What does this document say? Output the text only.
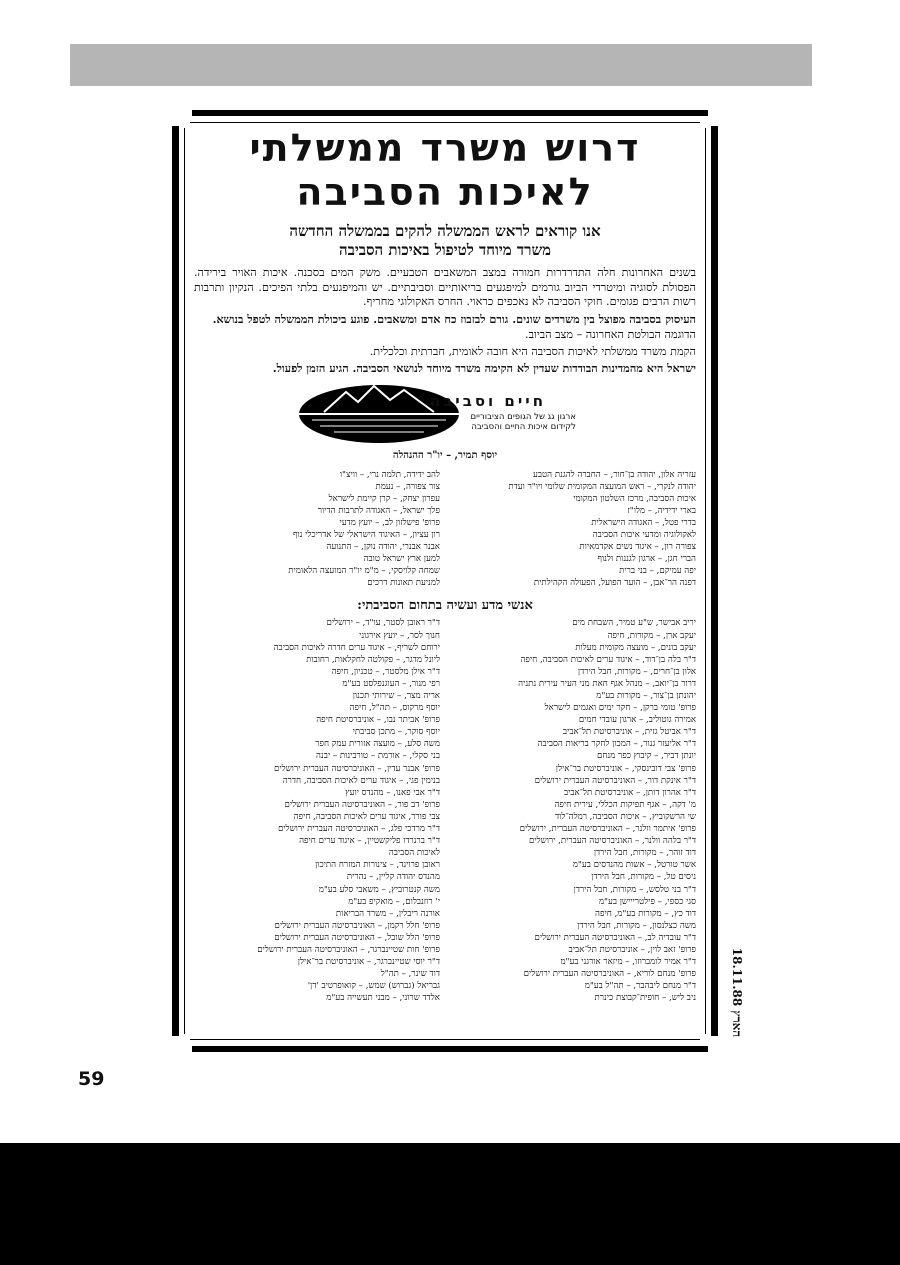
דרוש משרד ממשלתי
לאיכות הסביבה
אנו קוראים לראש הממשלה להקים בממשלה החדשה
משרד מיוחד לטיפול באיכות הסביבה

בשנים האחרונות חלה התדרדרות חמורה במצב המשאבים הטבעיים. משק המים בסכנה. איכות האויר בירידה. הפסולת לסוגיה ומיטרדי הביוב גורמים למיפגעים בריאותיים וסביבתיים. יש והמיפגעים בלתי הפיכים. הנקיון ותרבות רשות הרבים פגומים. חוקי הסביבה לא נאכפים כראוי. החרס האקולוגי מחריף.

העיסוק בסביבה מפוצל בין משרדים שונים. גורם לבזבוז כח אדם ומשאבים. פוגע ביכולת הממשלה לטפל בנושא.

הדוגמה הבולטת האחרונה – מצב הביוב.

הקמת משרד ממשלתי לאיכות הסביבה היא חובה לאומית, חברתית וכלכלית.

ישראל היא מהמדינות הבודדות שעדין לא הקימה משרד מיוחד לנושאי הסביבה. הגיע הזמן לפעול.

חיים וסביבה
ארגון גג של הגופים הציבוריים
לקידום איכות החיים והסביבה
יוסף תמיר, – יו"ר ההנהלה
עזריה אלון, יהודה בן־חור, – החברה להגנת הטבע
יהודה לנקרי, – ראש המועצה המקומית שלומי ויו"ר ועדת
איכות הסביבה, מרכז השלטון המקומי
בארי ידידיה, – מלו"ז
בדרי פטל, – האגודה הישראלית
לאקולוגיה ומדעי איכות הסביבה
צפורה רון, – איגוד נשים אקדמאיות
הברי חגן, – ארגון לגננות ולנוף
יפה עמיקם, – בני ברית
דפנה הר־אבן, – הועד הפועל, הפעולה הקהילתית
להב ידידה, תלמה נרי, – וויצ"ו
צור צפורה, – נעמת
עפרון יצחק, – קרן קיימת לישראל
פלך ישראל, – האגודה לתרבות הדיור
פרופ' פישלזון לב, – יועץ מדעי
רון עציון, – האיגוד הישראלי של אדריכלי נוף
אבנר אבנרי, יהודה נוקן, – התנועה
למען ארץ ישראל טובה
שמחה קלויסקי, – מ"מ יו"ר המועצה הלאומית
למניעת תאונות דרכים
אנשי מדע ועשיה בתחום הסביבתי:
יריב אבישר, ש"ע טמיר, השבחת מים
יעקב ארן, – מקורות, חיפה
יעקב בונים, – מועצה מקומית מעלות
ד"ר בלה בן־דוד, – איגוד ערים לאיכות הסביבה, חיפה
אלון בן־חרים, – מקורות, חבל הירדן
דרור בן־יואב, – מנהל אגף חאת מני העיר עירית נתניה
יהונתן בן־צור, – מקורות בע"מ
פרופ' טומי ברקן, – חקר ימים ואגמים לישראל
אמירה גוטוליב, – ארגון עובדי חמים
ד"ר אביטל גזית, – אוניברסיטת תל־אביב
ד"ר אליעזר גנור, – המכון לחקר בריאות הסביבה
יונתן דביר, – קיבוץ כפר מנחם
פרופ' צבי דובינסקי, – אוניברסיטת בר־אילן
ד"ר אינקת דור, – האוניברסיטה העברית ירושלים
ד"ר אהרון דותן, – אוניברסיטת תל־אביב
מ' דקה, – אגף תפיקות הכללי, עירית חיפה
שי הרשקוביץ, – איכות הסביבה, רמלה־לוד
פרופ' איתמר וולנר, – האוניברסיטה העברית, ירושלים
ד"ר בלהה וולנר, – האוניברסיטה העברית, ירושלים
דוד זוהר, – מקורות, חבל הירדן
אשר טורטל, – אשות מהנדסים בע"מ
ניסים טל, – מקורות, חבל הירדן
ד"ר בני טלסש, – מקורות, חבל הירדן
סגי כספי, – פילטרייישן בע"מ
דוד כץ, – מקורות בע"מ, חיפה
משה כצלנסון, – מקורות, חבל הירדן
ד"ר עובדיה לב, – האוניברסיטה העברית ירושלים
פרופ' זאב לוין, – אוניברסיטת תל־אביב
ד"ר אמיר לומברוזו, – מיזאר אורגני בע"מ
פרופ' מנחם לוריא, – האוניברסיטה העברית ירושלים
ד"ר מנחם ליבהבר, – תה"ל בע"מ
ניב ליש, – חופית־קבוצת כינרת
ד"ר ראובן לסטר, עו"ד, – ירושלים
חנוך לסר, – יועץ אירגוני
ירוחם לשריף, – איגוד ערים חדרה לאיכות הסביבה
ליונל מדגר, – פקולטה לחקלאות, רחובות
ד"ר אילן מלסטר, – טכניון, חיפה
רפי מנור, – העוגנפלסט בע"מ
אריה מצר, – שירותי תכנון
יוסף מרקוס, – תה"ל, חיפה
פרופ' אביתר נבו, – אוניברסיטת חיפה
יוסף סוקר, – מתכן סביבתי
משה סלע, – מועצה אזורית עמק חפר
בני סקלי, – אורמת – טורבינות – יבנה
פרופ' אבנר עדין, – האוניברסיטה העברית ירושלים
בנימין פגי, – איגוד ערים לאיכות הסביבה, חדרה
ד"ר אבי פאנו, – מהנדס יועץ
פרופ' דב פור, – האוניברסיטה העברית ירושלים
צבי פורר, איגוד ערים לאיכות הסביבה, חיפה
ד"ר מרדכי פלג, – האוניברסיטה העברית ירושלים
ד"ר ברנרדו פליקשטיין, – איגוד ערים חיפה
לאיכות הסביבה
ראובן פרוינד, – צינורות המזרח התיכון
מהנדס יהודה קליין, – נהרית
משה קנטרוביץ, – משאבי סלע בע"מ
י' רוזנבלום, – מואקיפ בע"מ
אורנה ריבלין, – משרד הבריאות
פרופ' חלל רקמן, – האוניברסיטה העברית ירושלים
פרופ' הלל שובל, – האוניברסיטה העברית ירושלים
פרופ' חות שטיינברגר, – האוניברסיטה העברית ירושלים
ד"ר יוסי שטיינברגר, – אוניברסיטת בר־אילן
דוד שינר, – תה"ל
גבריאל (גברוש) שמש, – קואופרטיב 'דן'
אלדד שרוני, – מבני תעשייה בע"מ	הארץ 18.11.88
59
